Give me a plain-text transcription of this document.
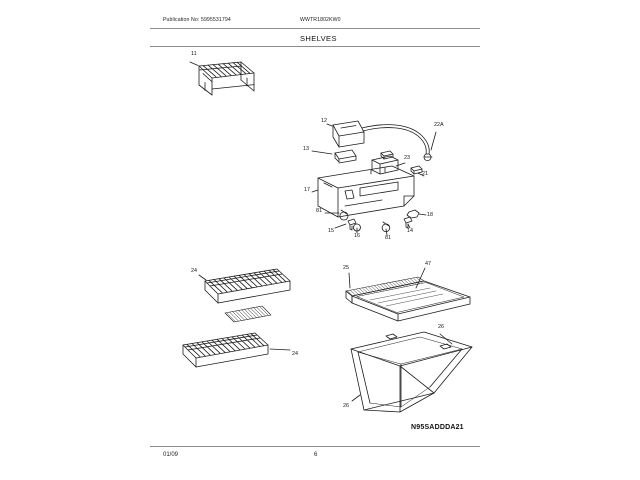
Publication No: 5995531794	WWTR1802KW0
SHELVES
11
12
13
22A
23
21
17
81
15
16	81
14
18
24
24
25
47
26
26
N95SADDDA21
01/09	6
